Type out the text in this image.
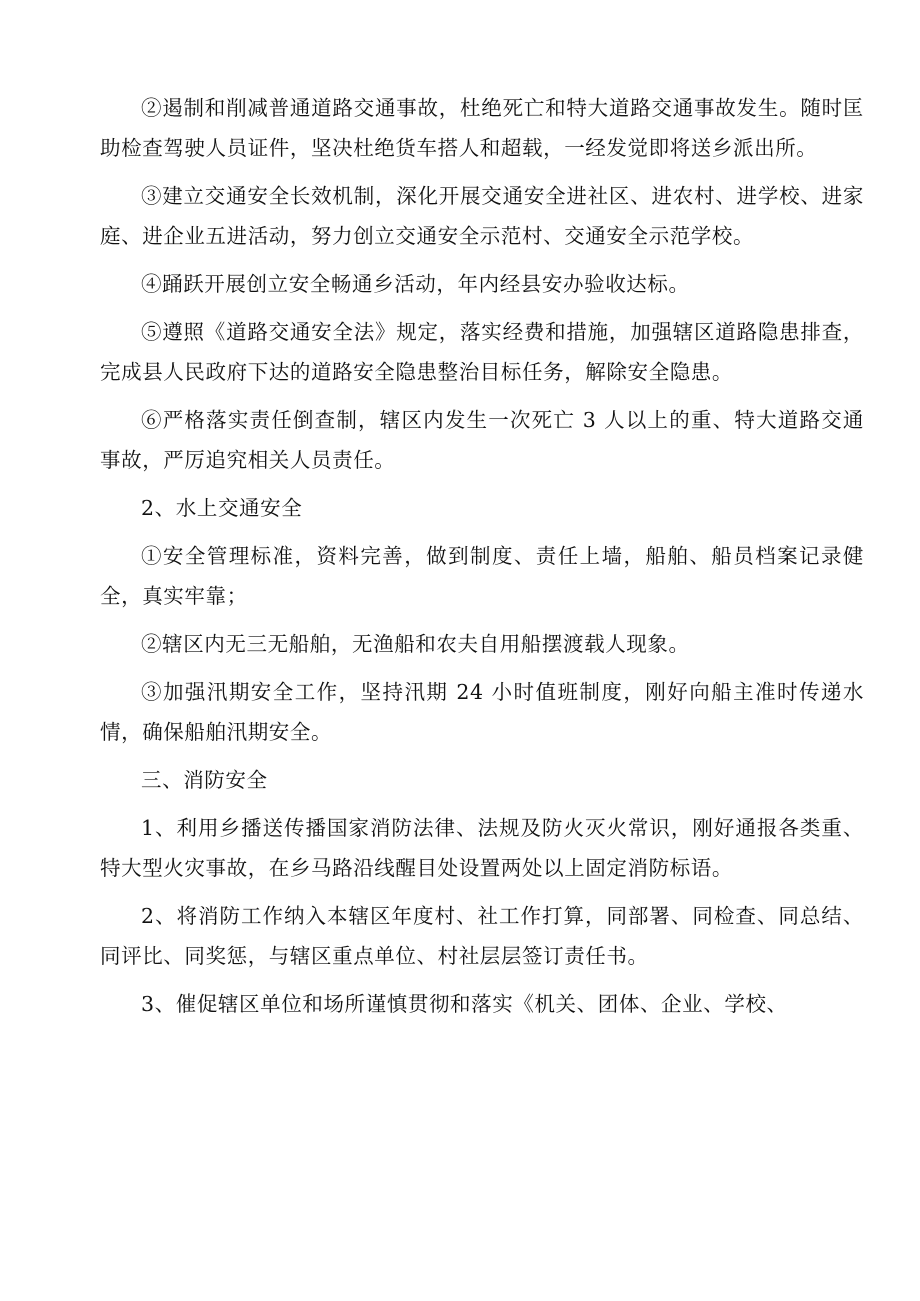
②遏制和削减普通道路交通事故，杜绝死亡和特大道路交通事故发生。随时匡助检查驾驶人员证件，坚决杜绝货车搭人和超载，一经发觉即将送乡派出所。

③建立交通安全长效机制，深化开展交通安全进社区、进农村、进学校、进家庭、进企业五进活动，努力创立交通安全示范村、交通安全示范学校。

④踊跃开展创立安全畅通乡活动，年内经县安办验收达标。

⑤遵照《道路交通安全法》规定，落实经费和措施，加强辖区道路隐患排查，完成县人民政府下达的道路安全隐患整治目标任务，解除安全隐患。

⑥严格落实责任倒查制，辖区内发生一次死亡 3 人以上的重、特大道路交通事故，严厉追究相关人员责任。

2、水上交通安全

①安全管理标准，资料完善，做到制度、责任上墙，船舶、船员档案记录健全，真实牢靠；

②辖区内无三无船舶，无渔船和农夫自用船摆渡载人现象。

③加强汛期安全工作，坚持汛期 24 小时值班制度，刚好向船主准时传递水情，确保船舶汛期安全。

三、消防安全

1、利用乡播送传播国家消防法律、法规及防火灭火常识，刚好通报各类重、特大型火灾事故，在乡马路沿线醒目处设置两处以上固定消防标语。

2、将消防工作纳入本辖区年度村、社工作打算，同部署、同检查、同总结、同评比、同奖惩，与辖区重点单位、村社层层签订责任书。

3、催促辖区单位和场所谨慎贯彻和落实《机关、团体、企业、学校、
